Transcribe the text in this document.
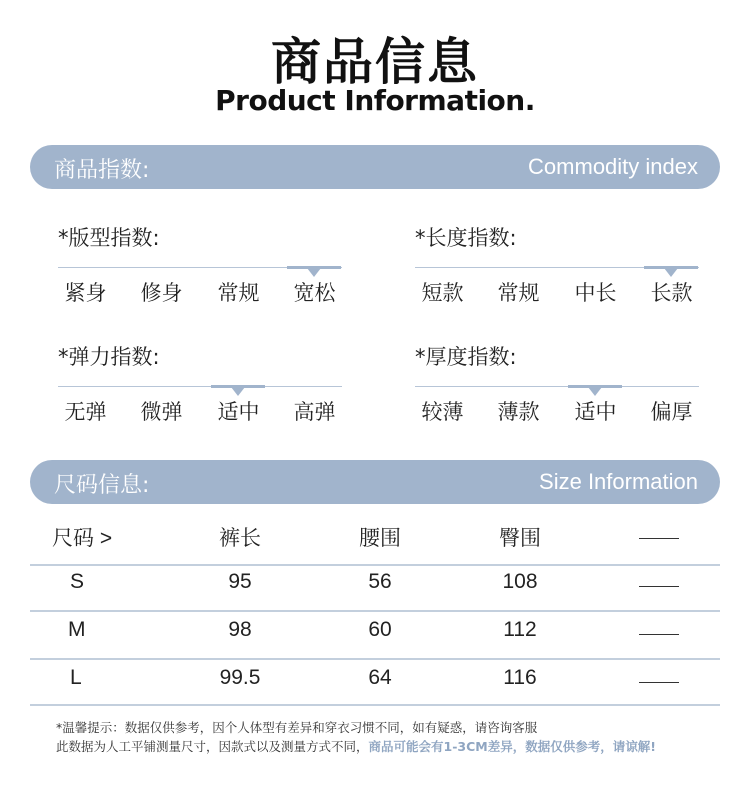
商品信息
Product Information.
商品指数:	Commodity index
*版型指数:
紧身	修身	常规	宽松
*长度指数:
短款	常规	中长	长款
*弹力指数:
无弹	微弹	适中	高弹
*厚度指数:
较薄	薄款	适中	偏厚
尺码信息:	Size Information
尺码 >	裤长	腰围	臀围
S	95	56	108
M	98	60	112
L	99.5	64	116
*温馨提示：数据仅供参考，因个人体型有差异和穿衣习惯不同，如有疑惑，请咨询客服
此数据为人工平铺测量尺寸，因款式以及测量方式不同，商品可能会有1-3CM差异，数据仅供参考，请谅解!
